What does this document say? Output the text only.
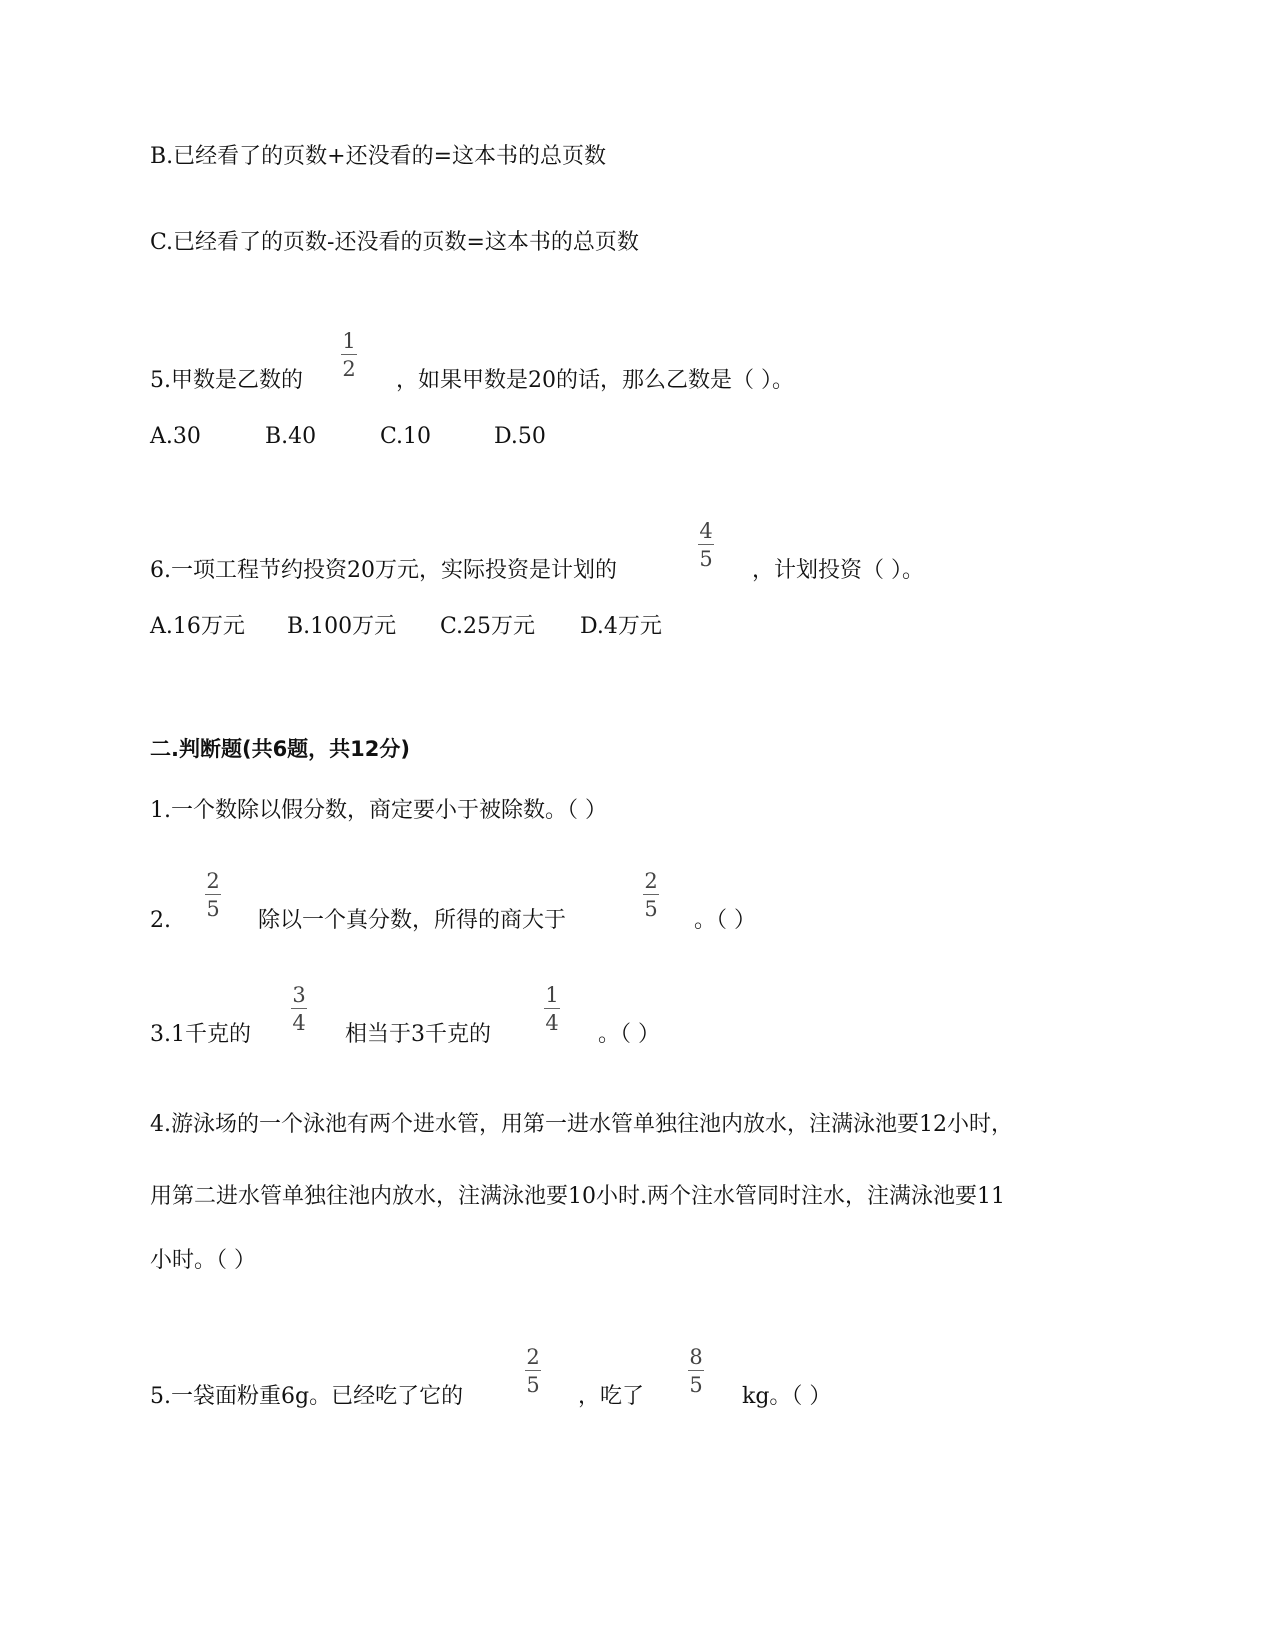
B.已经看了的页数+还没看的=这本书的总页数
C.已经看了的页数-还没看的页数=这本书的总页数
5.甲数是乙数的
1
2 ，如果甲数是20的话，那么乙数是（ ）。
A.30	B.40	C.10	D.50
6.一项工程节约投资20万元，实际投资是计划的
4
5 ，计划投资（ ）。
A.16万元 B.100万元 C.25万元 D.4万元
二.判断题(共6题，共12分)
1.一个数除以假分数，商定要小于被除数。（ ）
2.
2
5 除以一个真分数，所得的商大于
2
5 。（ ）
3.1千克的
3
4 相当于3千克的
1
4 。（ ）
4.游泳场的一个泳池有两个进水管，用第一进水管单独往池内放水，注满泳池要12小时，
用第二进水管单独往池内放水，注满泳池要10小时.两个注水管同时注水，注满泳池要11
小时。（ ）
5.一袋面粉重6g。已经吃了它的
2
5 ，吃了
8
5 kg。（ ）
